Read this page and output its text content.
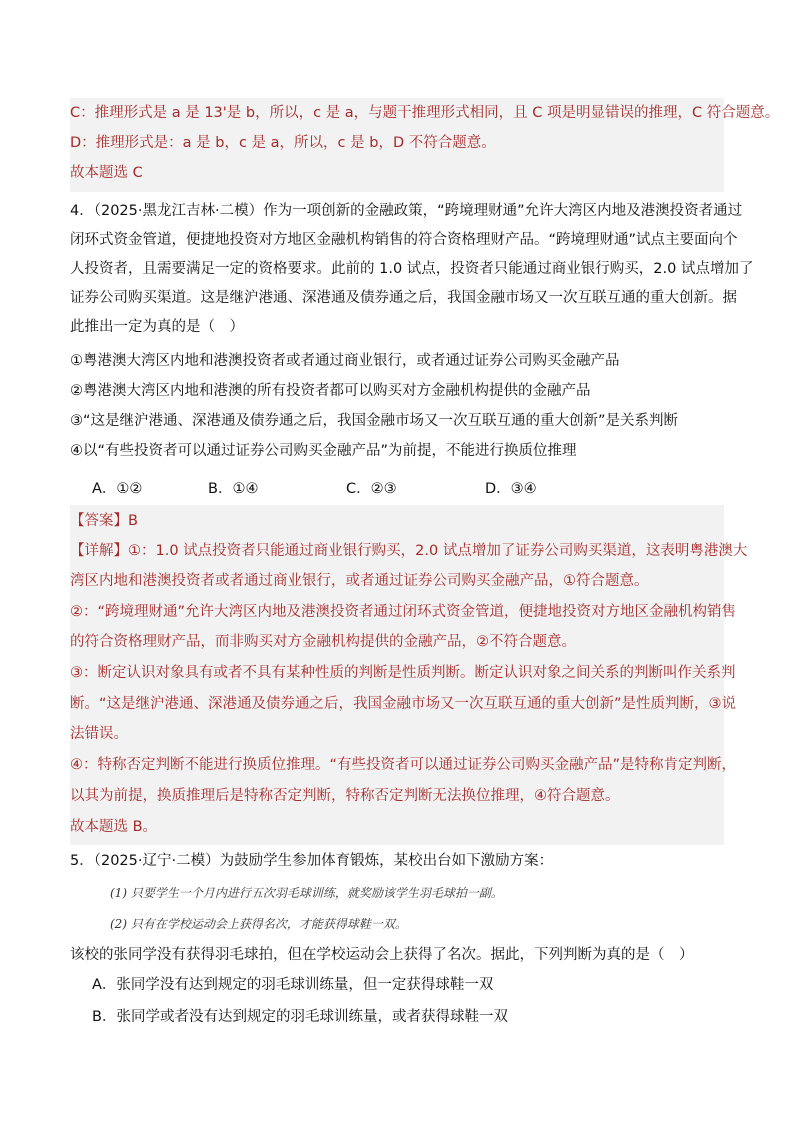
C：推理形式是 a 是 13'是 b，所以，c 是 a，与题干推理形式相同，且 C 项是明显错误的推理，C 符合题意。
D：推理形式是：a 是 b，c 是 a，所以，c 是 b，D 不符合题意。
故本题选 C
4．（2025·黑龙江吉林·二模）作为一项创新的金融政策，“跨境理财通”允许大湾区内地及港澳投资者通过
闭环式资金管道，便捷地投资对方地区金融机构销售的符合资格理财产品。“跨境理财通”试点主要面向个
人投资者，且需要满足一定的资格要求。此前的 1.0 试点，投资者只能通过商业银行购买，2.0 试点增加了
证券公司购买渠道。这是继沪港通、深港通及债券通之后，我国金融市场又一次互联互通的重大创新。据
此推出一定为真的是（　）
①粤港澳大湾区内地和港澳投资者或者通过商业银行，或者通过证券公司购买金融产品
②粤港澳大湾区内地和港澳的所有投资者都可以购买对方金融机构提供的金融产品
③“这是继沪港通、深港通及债券通之后，我国金融市场又一次互联互通的重大创新”是关系判断
④以“有些投资者可以通过证券公司购买金融产品”为前提，不能进行换质位推理
A．①②	B．①④	C．②③	D．③④
【答案】B
【详解】①：1.0 试点投资者只能通过商业银行购买，2.0 试点增加了证券公司购买渠道，这表明粤港澳大
湾区内地和港澳投资者或者通过商业银行，或者通过证券公司购买金融产品，①符合题意。
②：“跨境理财通”允许大湾区内地及港澳投资者通过闭环式资金管道，便捷地投资对方地区金融机构销售
的符合资格理财产品，而非购买对方金融机构提供的金融产品，②不符合题意。
③：断定认识对象具有或者不具有某种性质的判断是性质判断。断定认识对象之间关系的判断叫作关系判
断。“这是继沪港通、深港通及债券通之后，我国金融市场又一次互联互通的重大创新”是性质判断，③说
法错误。
④：特称否定判断不能进行换质位推理。“有些投资者可以通过证券公司购买金融产品”是特称肯定判断，
以其为前提，换质推理后是特称否定判断，特称否定判断无法换位推理，④符合题意。
故本题选 B。
5．（2025·辽宁·二模）为鼓励学生参加体育锻炼，某校出台如下激励方案：
(1) 只要学生一个月内进行五次羽毛球训练，就奖励该学生羽毛球拍一副。
(2) 只有在学校运动会上获得名次，才能获得球鞋一双。
该校的张同学没有获得羽毛球拍，但在学校运动会上获得了名次。据此，下列判断为真的是（　）
A．张同学没有达到规定的羽毛球训练量，但一定获得球鞋一双
B．张同学或者没有达到规定的羽毛球训练量，或者获得球鞋一双
